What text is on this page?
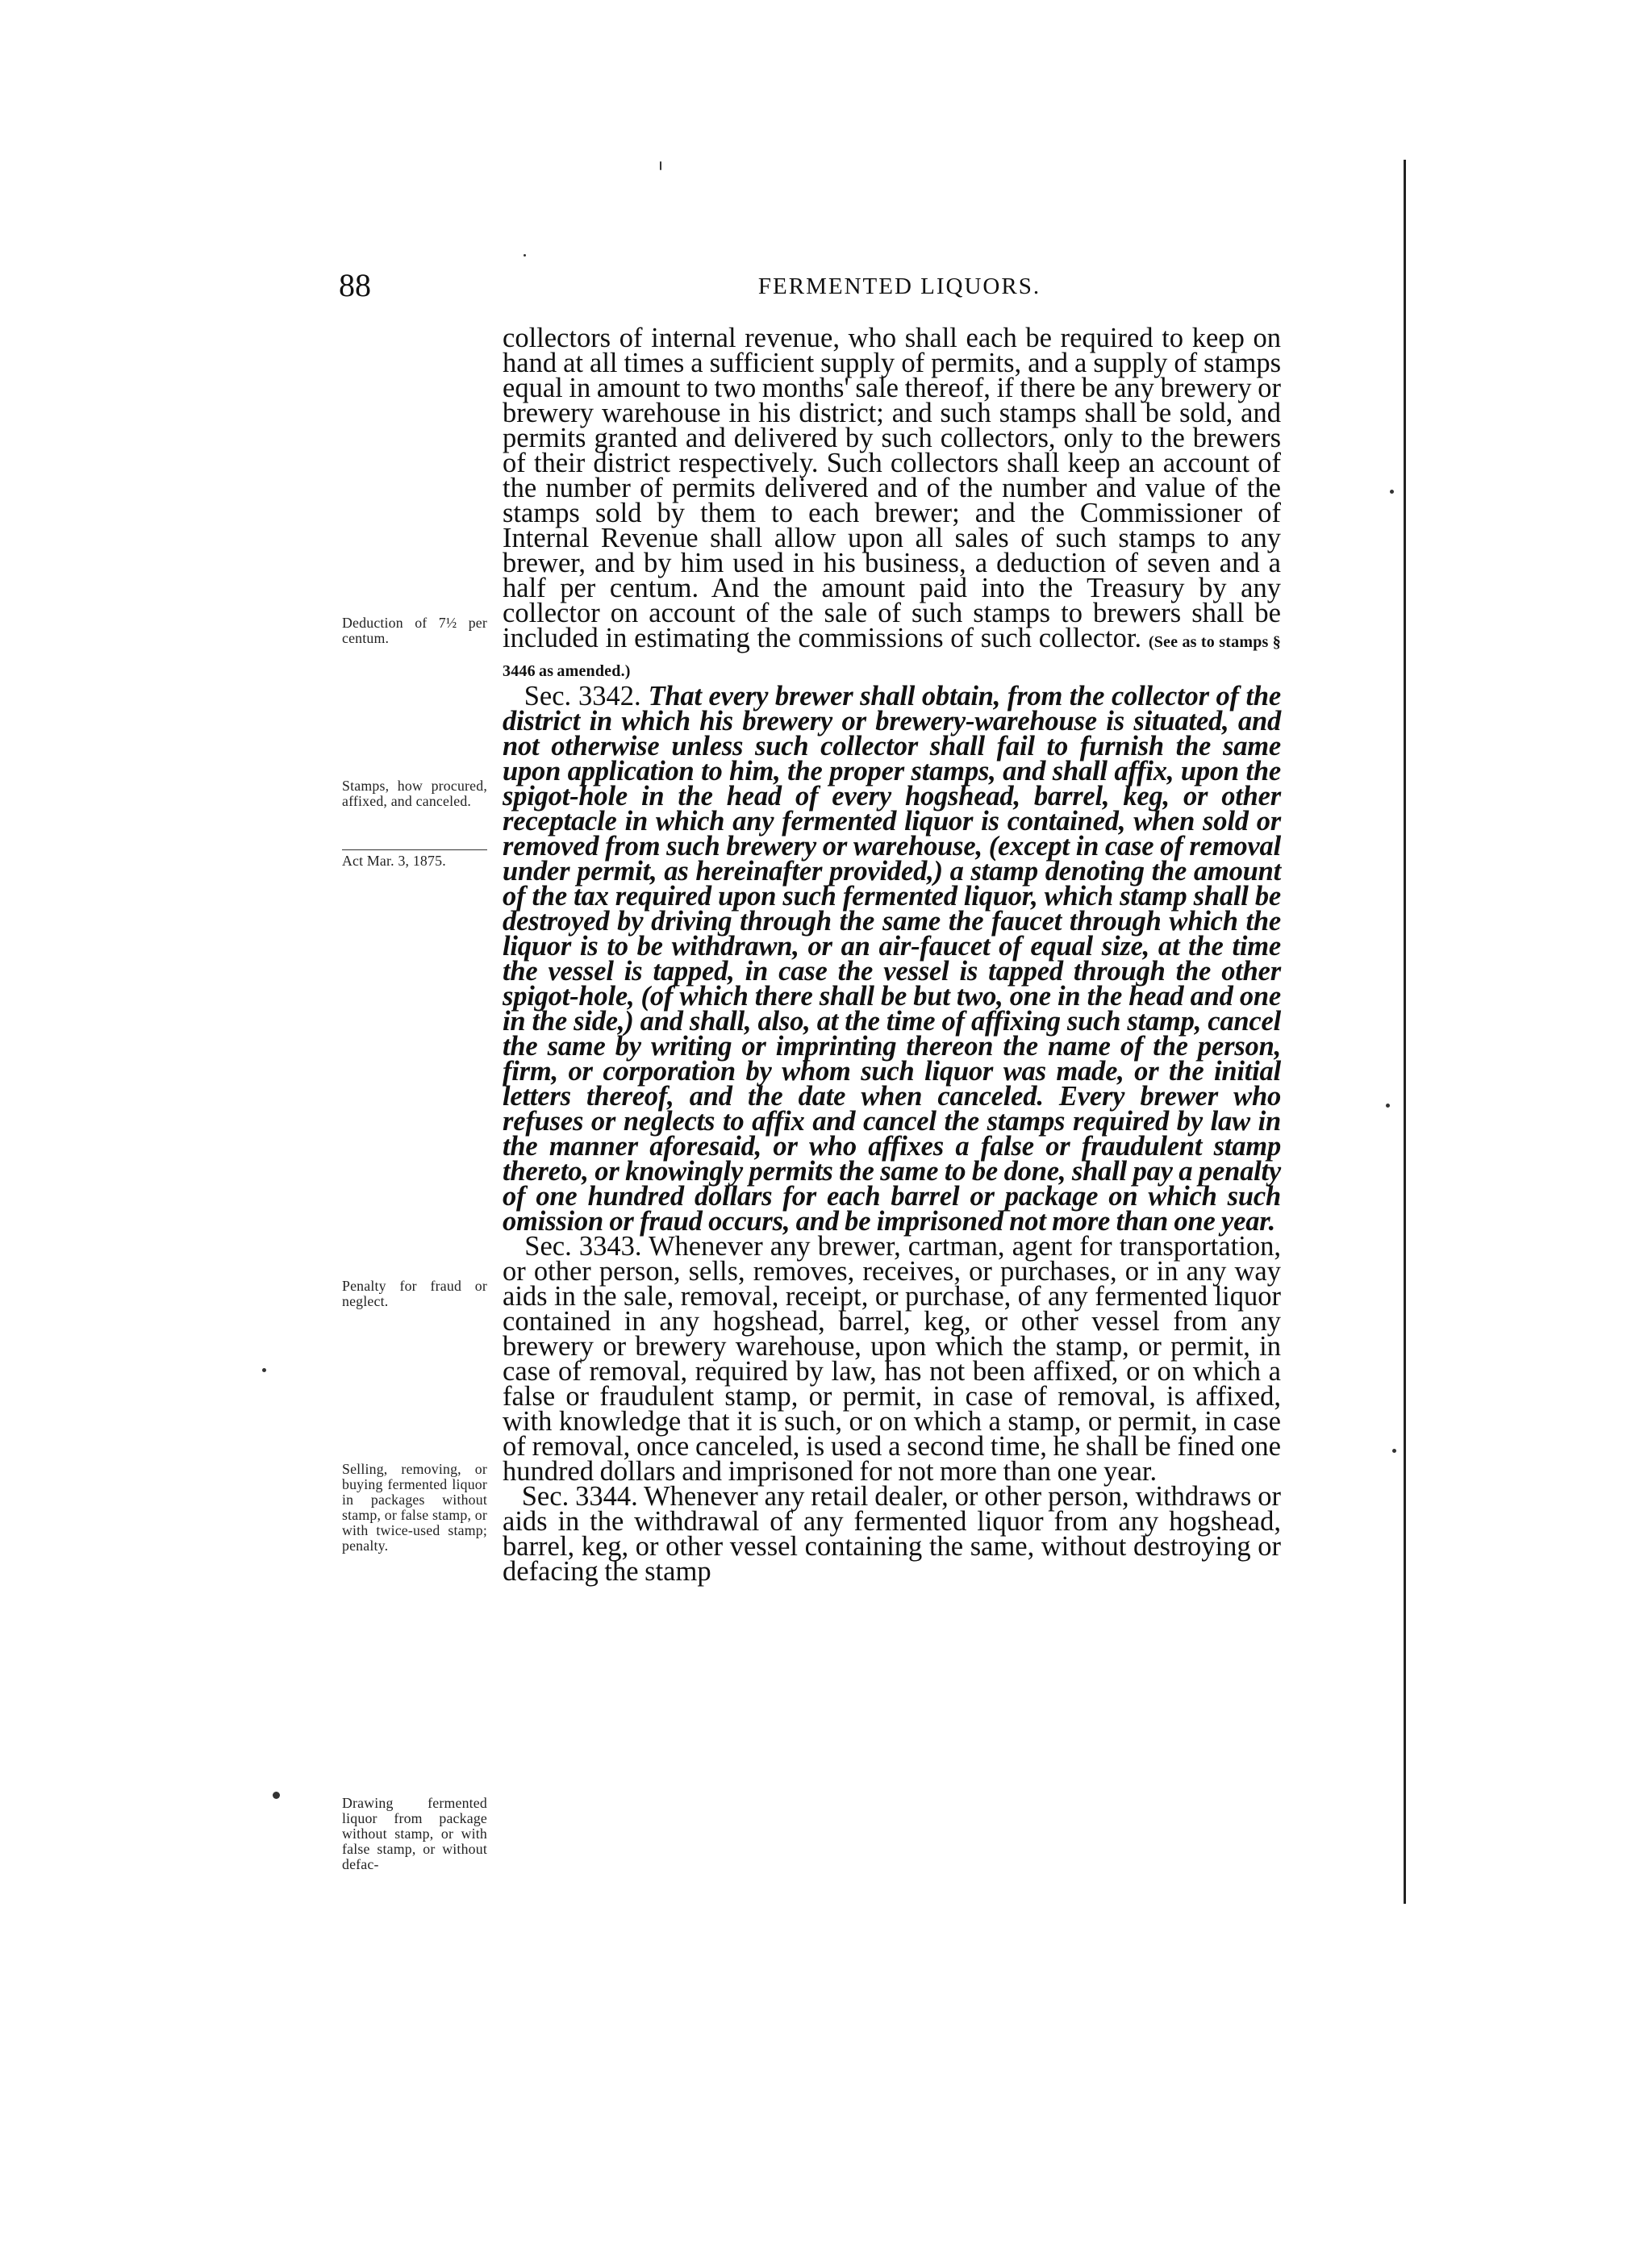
88	FERMENTED LIQUORS.
Deduction of 7½ per centum.
Stamps, how procured, affixed, and canceled.
Act Mar. 3, 1875.
Penalty for fraud or neglect.
Selling, removing, or buying fermented liquor in packages without stamp, or false stamp, or with twice-used stamp; penalty.
Drawing fermented liquor from package without stamp, or with false stamp, or without defac-

collectors of internal revenue, who shall each be required to keep on hand at all times a sufficient supply of permits, and a supply of stamps equal in amount to two months' sale thereof, if there be any brewery or brewery warehouse in his district; and such stamps shall be sold, and permits granted and delivered by such collectors, only to the brewers of their district respectively. Such collectors shall keep an account of the number of permits delivered and of the number and value of the stamps sold by them to each brewer; and the Commissioner of Internal Revenue shall allow upon all sales of such stamps to any brewer, and by him used in his business, a deduction of seven and a half per centum. And the amount paid into the Treasury by any collector on account of the sale of such stamps to brewers shall be included in estimating the commissions of such collector. (See as to stamps § 3446 as amended.)

Sec. 3342. That every brewer shall obtain, from the collector of the district in which his brewery or brewery-warehouse is situated, and not otherwise unless such collector shall fail to furnish the same upon application to him, the proper stamps, and shall affix, upon the spigot-hole in the head of every hogshead, barrel, keg, or other receptacle in which any fermented liquor is contained, when sold or removed from such brewery or warehouse, (except in case of removal under permit, as hereinafter provided,) a stamp denoting the amount of the tax required upon such fermented liquor, which stamp shall be destroyed by driving through the same the faucet through which the liquor is to be withdrawn, or an air-faucet of equal size, at the time the vessel is tapped, in case the vessel is tapped through the other spigot-hole, (of which there shall be but two, one in the head and one in the side,) and shall, also, at the time of affixing such stamp, cancel the same by writing or imprinting thereon the name of the person, firm, or corporation by whom such liquor was made, or the initial letters thereof, and the date when canceled. Every brewer who refuses or neglects to affix and cancel the stamps required by law in the manner aforesaid, or who affixes a false or fraudulent stamp thereto, or knowingly permits the same to be done, shall pay a penalty of one hundred dollars for each barrel or package on which such omission or fraud occurs, and be imprisoned not more than one year.

Sec. 3343. Whenever any brewer, cartman, agent for transportation, or other person, sells, removes, receives, or purchases, or in any way aids in the sale, removal, receipt, or purchase, of any fermented liquor contained in any hogshead, barrel, keg, or other vessel from any brewery or brewery warehouse, upon which the stamp, or permit, in case of removal, required by law, has not been affixed, or on which a false or fraudulent stamp, or permit, in case of removal, is affixed, with knowledge that it is such, or on which a stamp, or permit, in case of removal, once canceled, is used a second time, he shall be fined one hundred dollars and imprisoned for not more than one year.

Sec. 3344. Whenever any retail dealer, or other person, withdraws or aids in the withdrawal of any fermented liquor from any hogshead, barrel, keg, or other vessel containing the same, without destroying or defacing the stamp
